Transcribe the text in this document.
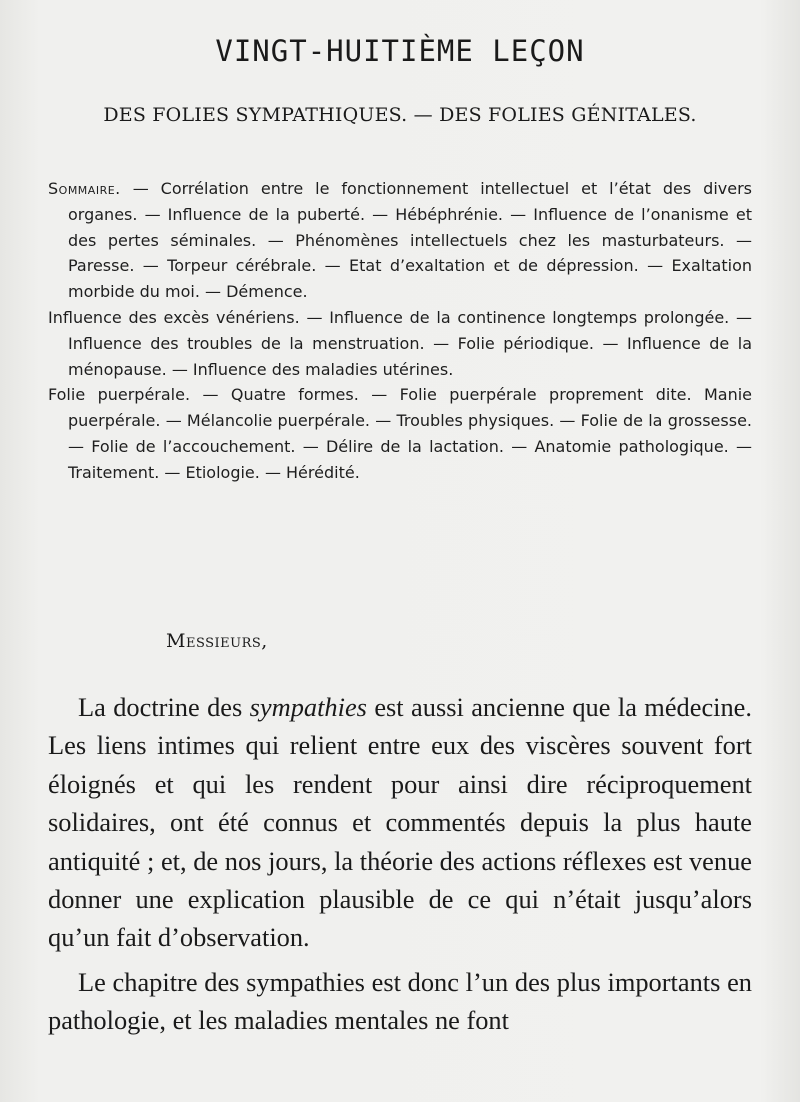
VINGT-HUITIÈME LEÇON
DES FOLIES SYMPATHIQUES. — DES FOLIES GÉNITALES.

Sommaire. — Corrélation entre le fonctionnement intellectuel et l’état des divers organes. — Influence de la puberté. — Hébéphrénie. — Influence de l’onanisme et des pertes séminales. — Phénomènes intellectuels chez les masturbateurs. — Paresse. — Torpeur cérébrale. — Etat d’exaltation et de dépression. — Exaltation morbide du moi. — Démence.

Influence des excès vénériens. — Influence de la continence longtemps prolongée. — Influence des troubles de la menstruation. — Folie périodique. — Influence de la ménopause. — Influence des maladies utérines.

Folie puerpérale. — Quatre formes. — Folie puerpérale proprement dite. Manie puerpérale. — Mélancolie puerpérale. — Troubles physiques. — Folie de la grossesse. — Folie de l’accouchement. — Délire de la lactation. — Anatomie pathologique. — Traitement. — Etiologie. — Hérédité.

Messieurs,

La doctrine des sympathies est aussi ancienne que la médecine. Les liens intimes qui relient entre eux des viscères souvent fort éloignés et qui les rendent pour ainsi dire réciproquement solidaires, ont été connus et commentés depuis la plus haute antiquité ; et, de nos jours, la théorie des actions réflexes est venue donner une explication plausible de ce qui n’était jusqu’alors qu’un fait d’observation.

Le chapitre des sympathies est donc l’un des plus importants en pathologie, et les maladies mentales ne font
